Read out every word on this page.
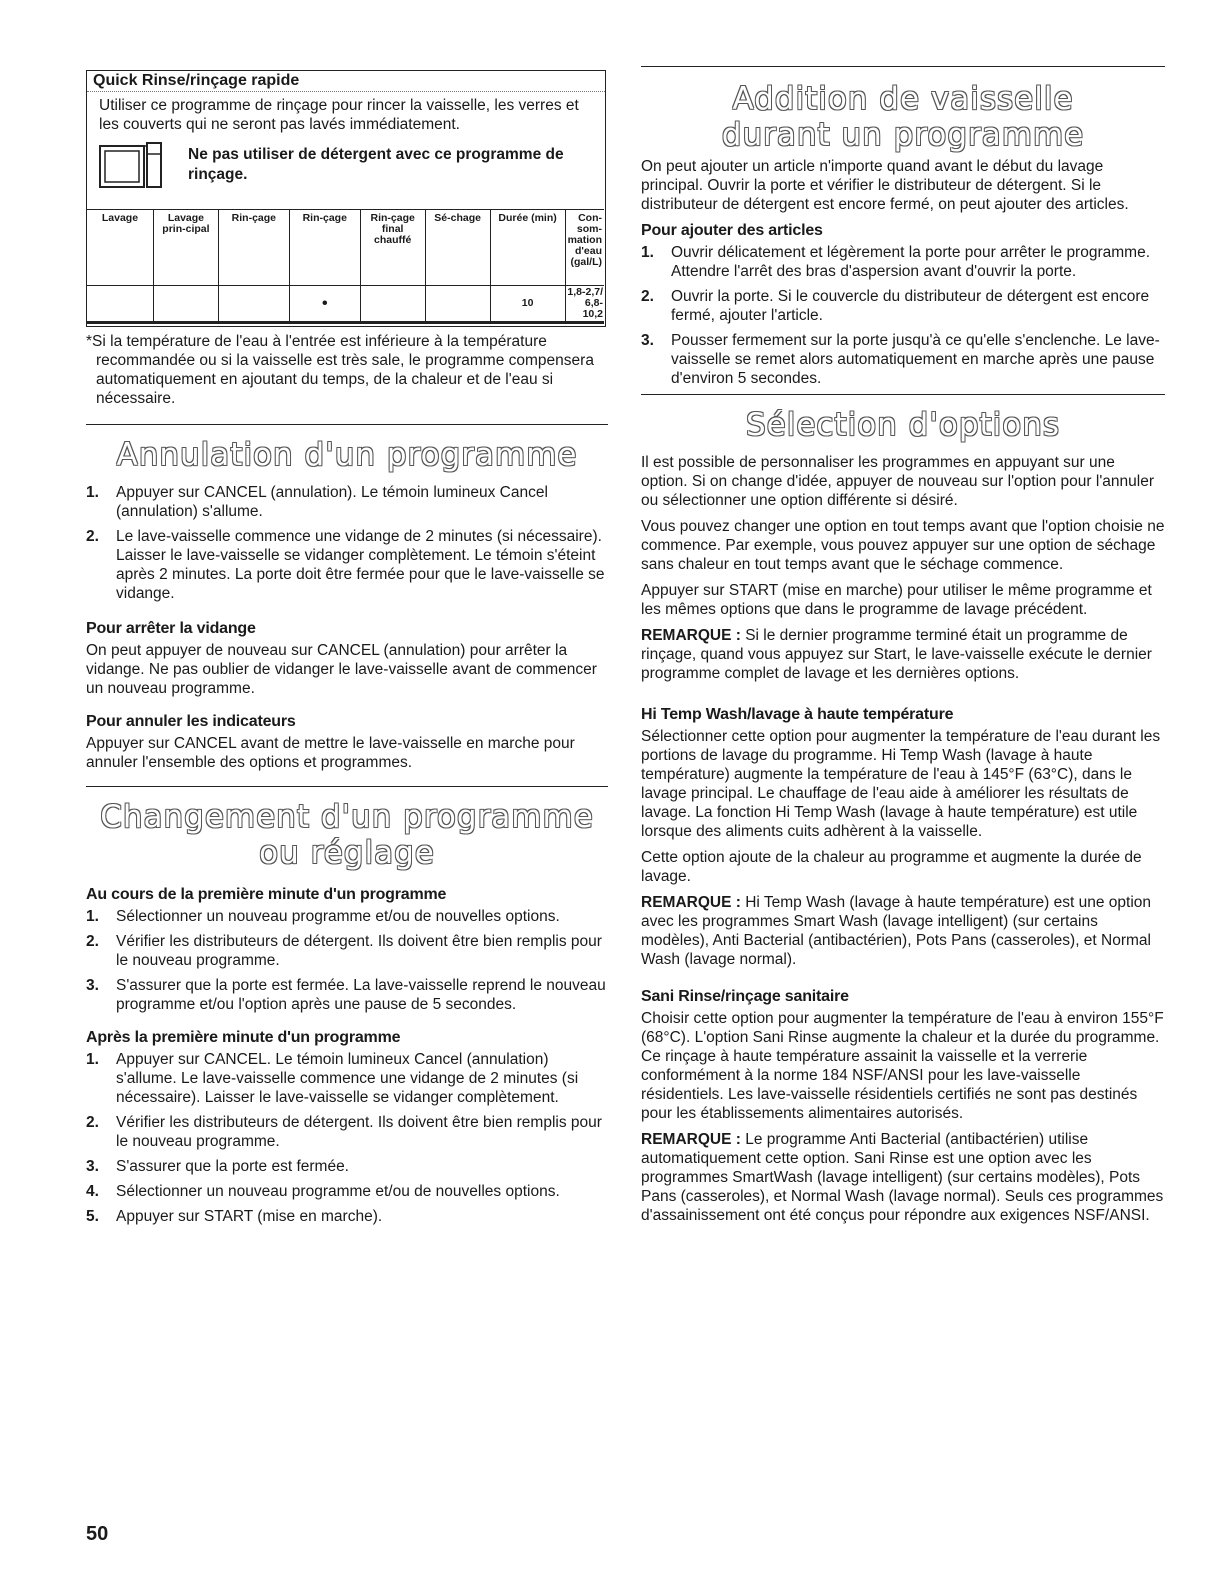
Quick Rinse/rinçage rapide
Utiliser ce programme de rinçage pour rincer la vaisselle, les verres et les couverts qui ne seront pas lavés immédiatement.
Ne pas utiliser de détergent avec ce programme de rinçage.
Lavage	Lavage prin-cipal	Rin-çage	Rin-çage	Rin-çage final chauffé	Sé-chage	Durée (min)	Con-som-mation d'eau (gal/L)
			•			10	1,8-2,7/ 6,8-10,2

*Si la température de l'eau à l'entrée est inférieure à la température recommandée ou si la vaisselle est très sale, le programme compensera automatiquement en ajoutant du temps, de la chaleur et de l'eau si nécessaire.

Annulation d'un programme
1. Appuyer sur CANCEL (annulation). Le témoin lumineux Cancel (annulation) s'allume.
2. Le lave-vaisselle commence une vidange de 2 minutes (si nécessaire). Laisser le lave-vaisselle se vidanger complètement. Le témoin s'éteint après 2 minutes. La porte doit être fermée pour que le lave-vaisselle se vidange.
Pour arrêter la vidange

On peut appuyer de nouveau sur CANCEL (annulation) pour arrêter la vidange. Ne pas oublier de vidanger le lave-vaisselle avant de commencer un nouveau programme.

Pour annuler les indicateurs

Appuyer sur CANCEL avant de mettre le lave-vaisselle en marche pour annuler l'ensemble des options et programmes.

Changement d'un programme
ou réglage
Au cours de la première minute d'un programme
1. Sélectionner un nouveau programme et/ou de nouvelles options.
2. Vérifier les distributeurs de détergent. Ils doivent être bien remplis pour le nouveau programme.
3. S'assurer que la porte est fermée. La lave-vaisselle reprend le nouveau programme et/ou l'option après une pause de 5 secondes.
Après la première minute d'un programme
1. Appuyer sur CANCEL. Le témoin lumineux Cancel (annulation) s'allume. Le lave-vaisselle commence une vidange de 2 minutes (si nécessaire). Laisser le lave-vaisselle se vidanger complètement.
2. Vérifier les distributeurs de détergent. Ils doivent être bien remplis pour le nouveau programme.
3. S'assurer que la porte est fermée.
4. Sélectionner un nouveau programme et/ou de nouvelles options.
5. Appuyer sur START (mise en marche).
Addition de vaisselle
durant un programme

On peut ajouter un article n'importe quand avant le début du lavage principal. Ouvrir la porte et vérifier le distributeur de détergent. Si le distributeur de détergent est encore fermé, on peut ajouter des articles.

Pour ajouter des articles
1. Ouvrir délicatement et légèrement la porte pour arrêter le programme. Attendre l'arrêt des bras d'aspersion avant d'ouvrir la porte.
2. Ouvrir la porte. Si le couvercle du distributeur de détergent est encore fermé, ajouter l'article.
3. Pousser fermement sur la porte jusqu'à ce qu'elle s'enclenche. Le lave-vaisselle se remet alors automatiquement en marche après une pause d'environ 5 secondes.
Sélection d'options

Il est possible de personnaliser les programmes en appuyant sur une option. Si on change d'idée, appuyer de nouveau sur l'option pour l'annuler ou sélectionner une option différente si désiré.

Vous pouvez changer une option en tout temps avant que l'option choisie ne commence. Par exemple, vous pouvez appuyer sur une option de séchage sans chaleur en tout temps avant que le séchage commence.

Appuyer sur START (mise en marche) pour utiliser le même programme et les mêmes options que dans le programme de lavage précédent.

REMARQUE : Si le dernier programme terminé était un programme de rinçage, quand vous appuyez sur Start, le lave-vaisselle exécute le dernier programme complet de lavage et les dernières options.

Hi Temp Wash/lavage à haute température

Sélectionner cette option pour augmenter la température de l'eau durant les portions de lavage du programme. Hi Temp Wash (lavage à haute température) augmente la température de l'eau à 145°F (63°C), dans le lavage principal. Le chauffage de l'eau aide à améliorer les résultats de lavage. La fonction Hi Temp Wash (lavage à haute température) est utile lorsque des aliments cuits adhèrent à la vaisselle.

Cette option ajoute de la chaleur au programme et augmente la durée de lavage.

REMARQUE : Hi Temp Wash (lavage à haute température) est une option avec les programmes Smart Wash (lavage intelligent) (sur certains modèles), Anti Bacterial (antibactérien), Pots Pans (casseroles), et Normal Wash (lavage normal).

Sani Rinse/rinçage sanitaire

Choisir cette option pour augmenter la température de l'eau à environ 155°F (68°C). L'option Sani Rinse augmente la chaleur et la durée du programme. Ce rinçage à haute température assainit la vaisselle et la verrerie conformément à la norme 184 NSF/ANSI pour les lave-vaisselle résidentiels. Les lave-vaisselle résidentiels certifiés ne sont pas destinés pour les établissements alimentaires autorisés.

REMARQUE : Le programme Anti Bacterial (antibactérien) utilise automatiquement cette option. Sani Rinse est une option avec les programmes SmartWash (lavage intelligent) (sur certains modèles), Pots Pans (casseroles), et Normal Wash (lavage normal). Seuls ces programmes d'assainissement ont été conçus pour répondre aux exigences NSF/ANSI.

50
